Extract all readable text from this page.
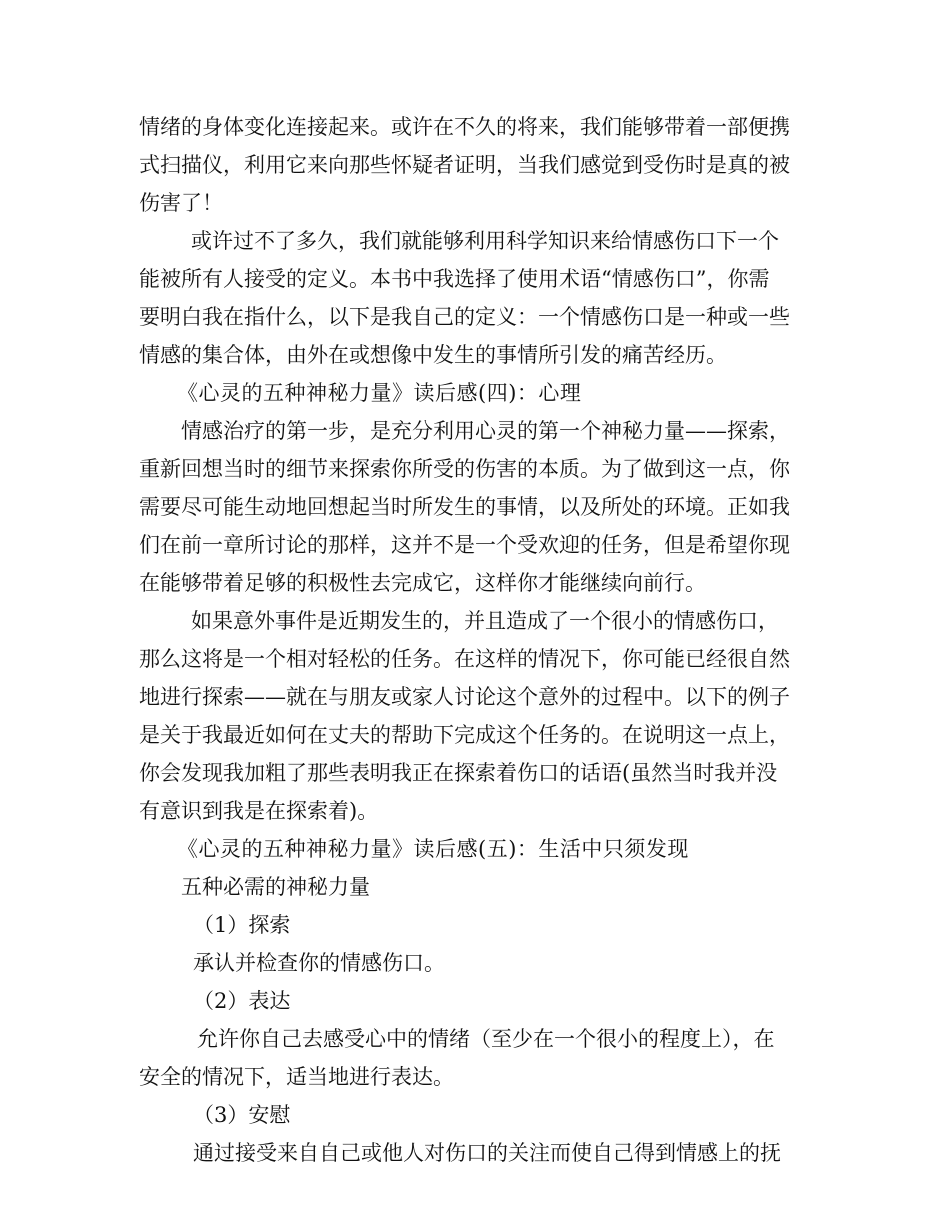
情绪的身体变化连接起来。或许在不久的将来，我们能够带着一部便携
式扫描仪，利用它来向那些怀疑者证明，当我们感觉到受伤时是真的被
伤害了！
或许过不了多久，我们就能够利用科学知识来给情感伤口下一个
能被所有人接受的定义。本书中我选择了使用术语“情感伤口”，你需
要明白我在指什么，以下是我自己的定义：一个情感伤口是一种或一些
情感的集合体，由外在或想像中发生的事情所引发的痛苦经历。
《心灵的五种神秘力量》读后感(四)：心理
情感治疗的第一步，是充分利用心灵的第一个神秘力量——探索，
重新回想当时的细节来探索你所受的伤害的本质。为了做到这一点，你
需要尽可能生动地回想起当时所发生的事情，以及所处的环境。正如我
们在前一章所讨论的那样，这并不是一个受欢迎的任务，但是希望你现
在能够带着足够的积极性去完成它，这样你才能继续向前行。
如果意外事件是近期发生的，并且造成了一个很小的情感伤口，
那么这将是一个相对轻松的任务。在这样的情况下，你可能已经很自然
地进行探索——就在与朋友或家人讨论这个意外的过程中。以下的例子
是关于我最近如何在丈夫的帮助下完成这个任务的。在说明这一点上，
你会发现我加粗了那些表明我正在探索着伤口的话语(虽然当时我并没
有意识到我是在探索着)。
《心灵的五种神秘力量》读后感(五)：生活中只须发现
五种必需的神秘力量
（1）探索
承认并检查你的情感伤口。
（2）表达
允许你自己去感受心中的情绪（至少在一个很小的程度上），在
安全的情况下，适当地进行表达。
（3）安慰
通过接受来自自己或他人对伤口的关注而使自己得到情感上的抚
